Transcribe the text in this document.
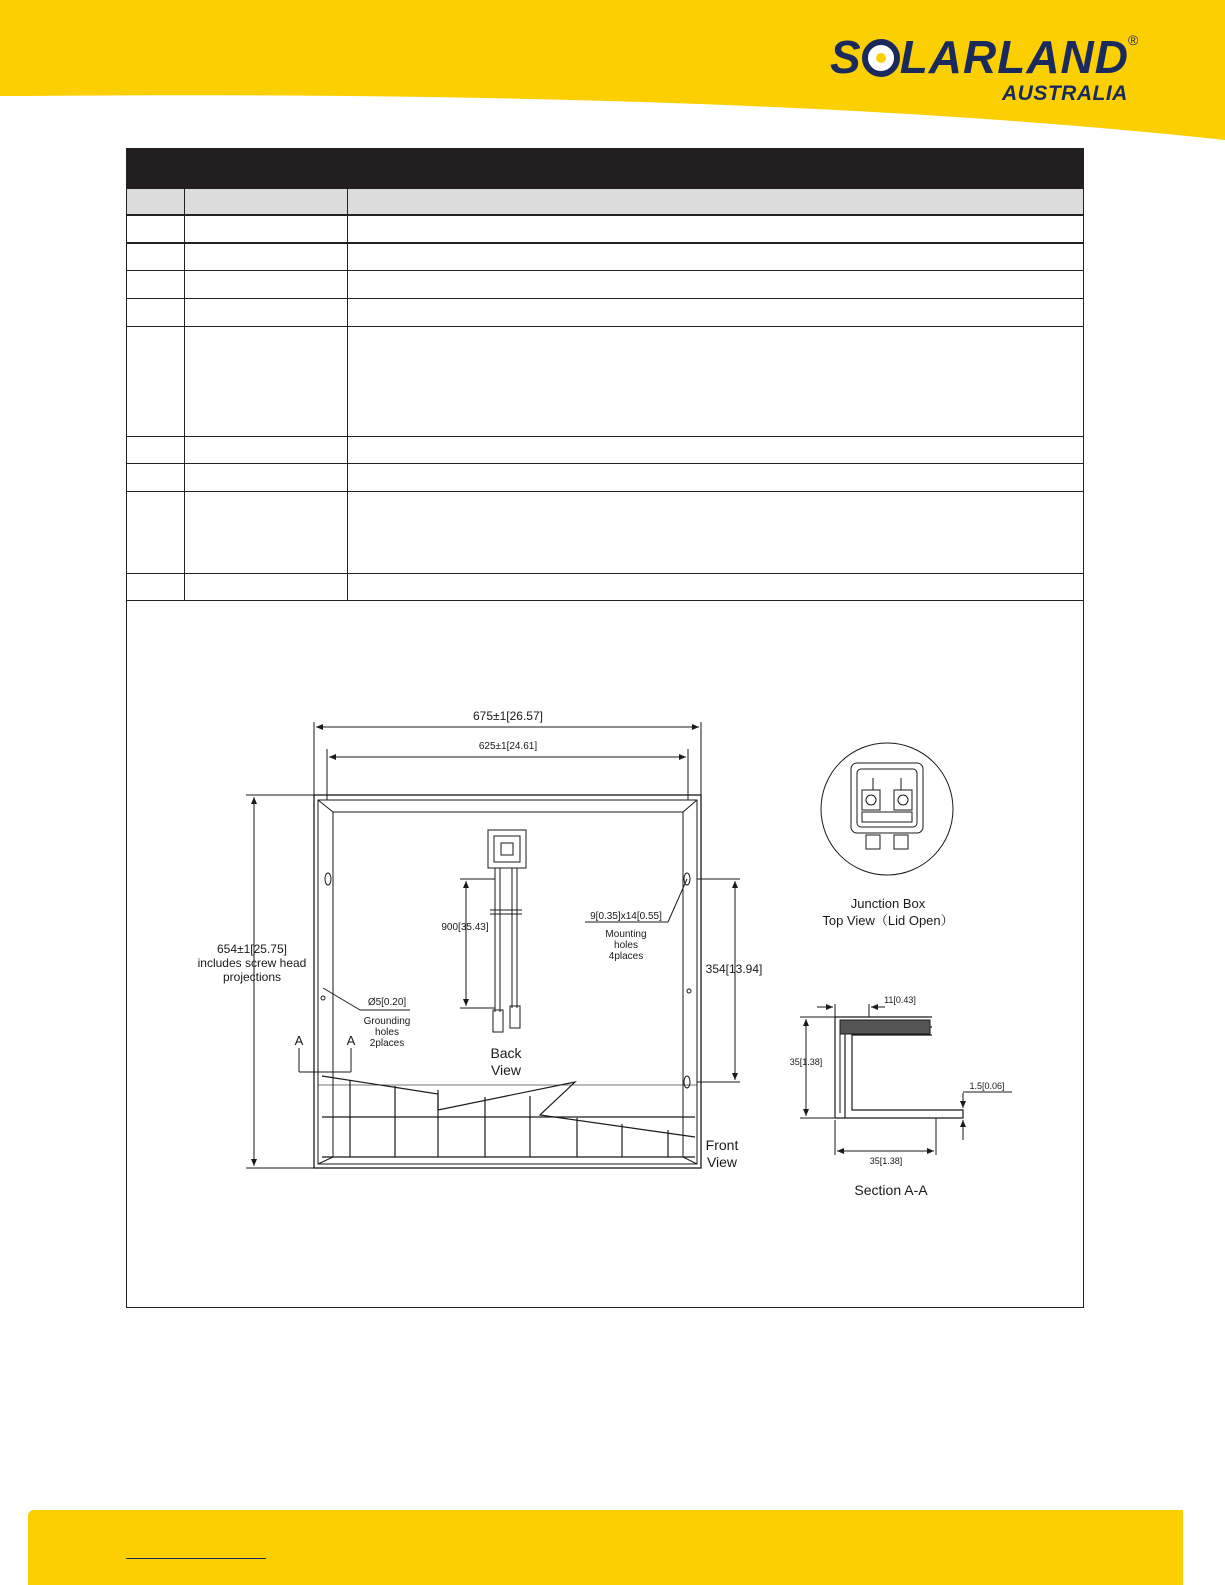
S LARLAND ®
AUSTRALIA
675±1[26.57]
625±1[24.61]
654±1[25.75]
includes screw head
projections
900[35.43]
9[0.35]x14[0.55]
Mounting
holes
4places
354[13.94]
Ø5[0.20]
Grounding
holes
2places
A	A
Back
View
Front
View
Junction Box
Top View（Lid Open）
11[0.43]
35[1.38]
1.5[0.06]
35[1.38]
Section A-A
